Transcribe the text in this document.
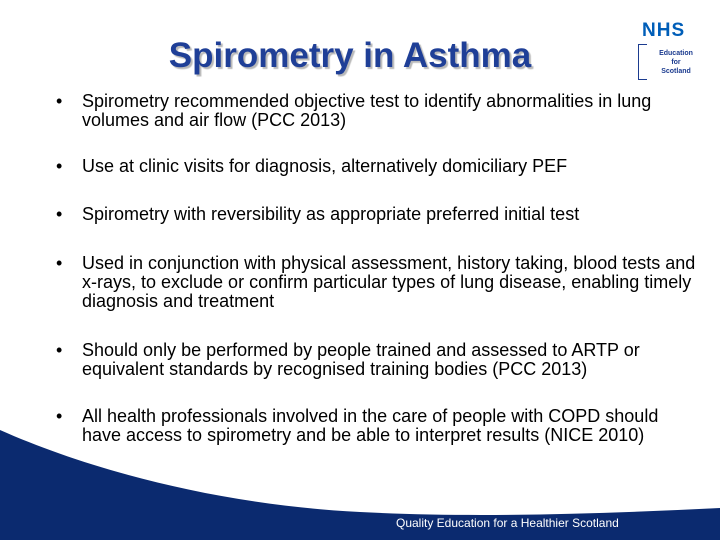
Spirometry in Asthma
NHS
Education
for
Scotland
•	Spirometry recommended objective test to identify abnormalities in lung volumes and air flow (PCC 2013)
•	Use at clinic visits for diagnosis, alternatively domiciliary PEF
•	Spirometry with reversibility as appropriate preferred initial test
•	Used in conjunction with physical assessment, history taking, blood tests and x-rays, to exclude or confirm particular types of lung disease, enabling timely diagnosis and treatment
•	Should only be performed by people trained and assessed to ARTP or equivalent standards by recognised training bodies (PCC 2013)
•	All health professionals involved in the care of people with COPD should have access to spirometry and be able to interpret results (NICE 2010)
Quality Education for a Healthier Scotland
